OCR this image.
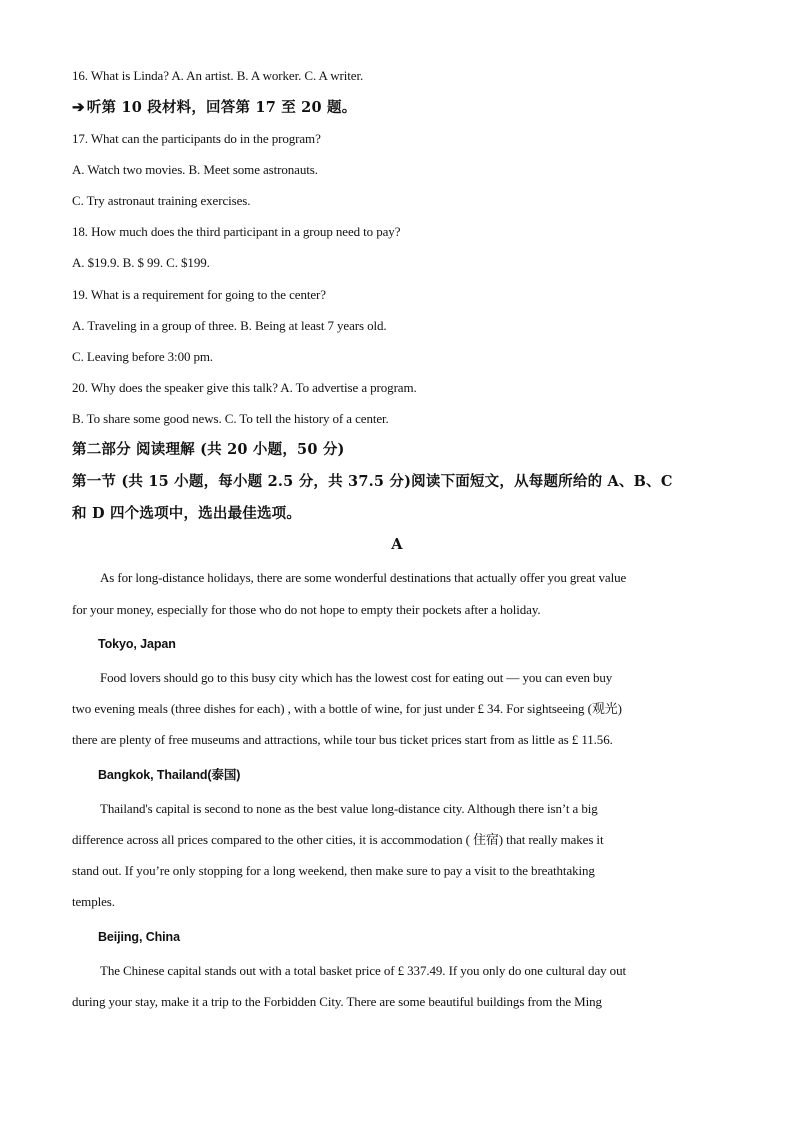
16. What is Linda? A. An artist. B. A worker. C. A writer.

➔ 听第 10 段材料，回答第 17 至 20 题。

17. What can the participants do in the program?

A. Watch two movies. B. Meet some astronauts.

C. Try astronaut training exercises.

18. How much does the third participant in a group need to pay?

A. $19.9. B. $ 99. C. $199.

19. What is a requirement for going to the center?

A. Traveling in a group of three. B. Being at least 7 years old.

C. Leaving before 3:00 pm.

20. Why does the speaker give this talk? A. To advertise a program.

B. To share some good news. C. To tell the history of a center.

第二部分 阅读理解 (共 20 小题，50 分)

第一节 (共 15 小题，每小题 2.5 分，共 37.5 分)阅读下面短文，从每题所给的 A、B、C

和 D 四个选项中，选出最佳选项。

A

As for long-distance holidays, there are some wonderful destinations that actually offer you great value

for your money, especially for those who do not hope to empty their pockets after a holiday.

Tokyo, Japan

Food lovers should go to this busy city which has the lowest cost for eating out — you can even buy

two evening meals (three dishes for each) , with a bottle of wine, for just under £ 34. For sightseeing (观光)

there are plenty of free museums and attractions, while tour bus ticket prices start from as little as £ 11.56.

Bangkok, Thailand(泰国)

Thailand's capital is second to none as the best value long-distance city. Although there isn’t a big

difference across all prices compared to the other cities, it is accommodation ( 住宿) that really makes it

stand out. If you’re only stopping for a long weekend, then make sure to pay a visit to the breathtaking

temples.

Beijing, China

The Chinese capital stands out with a total basket price of £ 337.49. If you only do one cultural day out

during your stay, make it a trip to the Forbidden City. There are some beautiful buildings from the Ming
